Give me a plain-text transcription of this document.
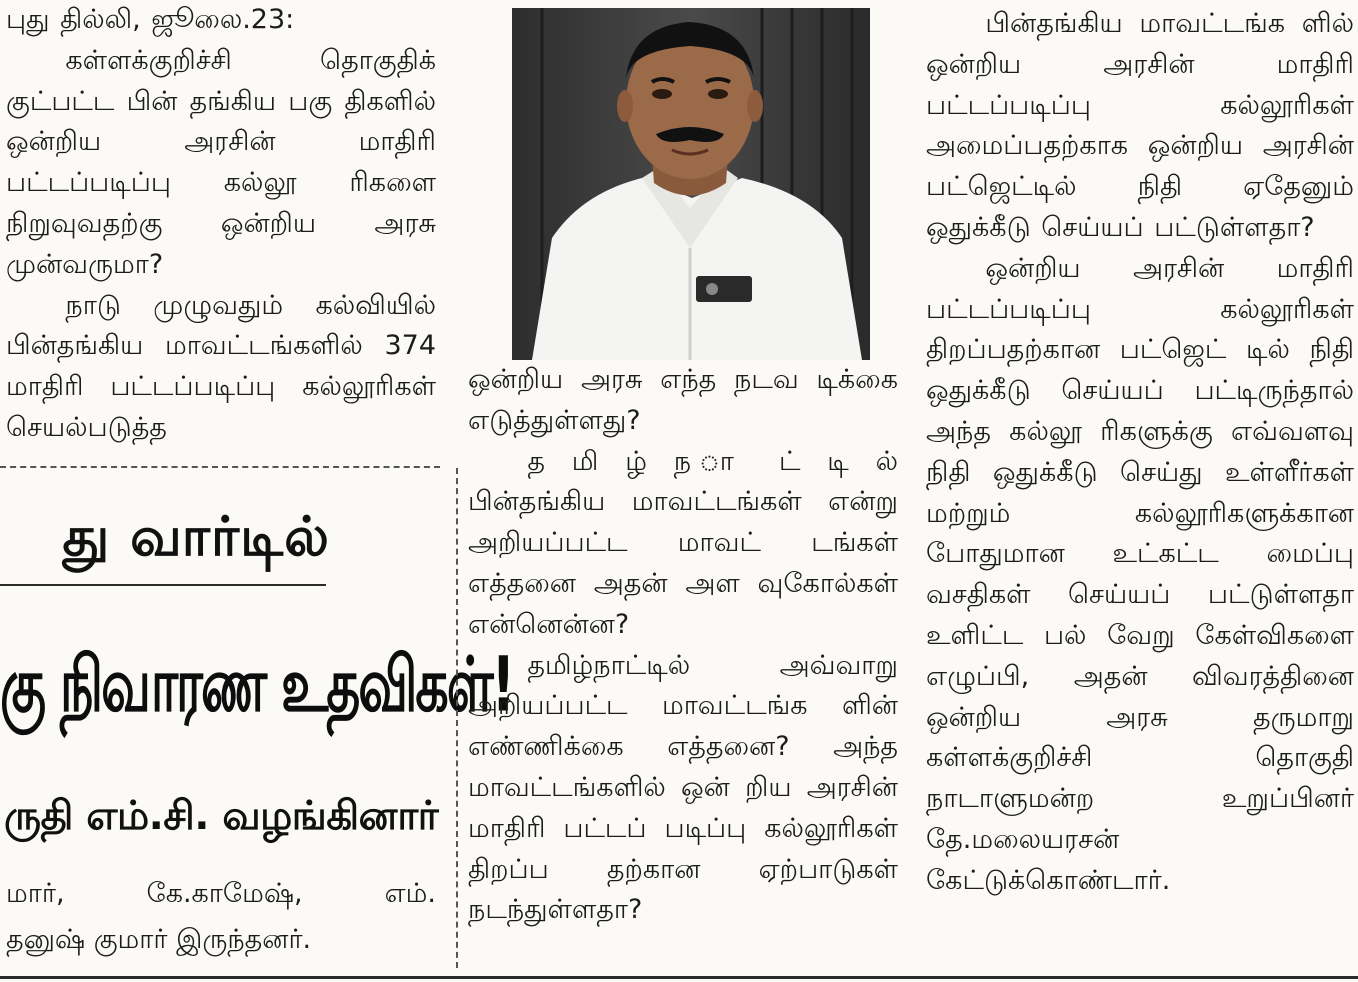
புது தில்லி, ஜூலை.23:

கள்ளக்குறிச்சி தொகுதிக் குட்பட்ட பின் தங்கிய பகு திகளில் ஒன்றிய அரசின் மாதிரி பட்டப்படிப்பு கல்லூ ரிகளை நிறுவுவதற்கு ஒன்றிய அரசு முன்வருமா?

நாடு முழுவதும் கல்வியில் பின்தங்கிய மாவட்டங்களில் 374 மாதிரி பட்டப்படிப்பு கல்லூரிகள் செயல்படுத்த

து வார்டில்
கு நிவாரண உதவிகள்!
ருதி எம்.சி. வழங்கினார்
மார், கே.காமேஷ், எம்.
தனுஷ் குமார் இருந்தனர்.

ஒன்றிய அரசு எந்த நடவ டிக்கை எடுத்துள்ளது?

த மி ழ் ந ா ட் டி ல் பின்தங்கிய மாவட்டங்கள் என்று அறியப்பட்ட மாவட் டங்கள் எத்தனை அதன் அள வுகோல்கள் என்னென்ன?

தமிழ்நாட்டில் அவ்வாறு அறியப்பட்ட மாவட்டங்க ளின் எண்ணிக்கை எத்தனை? அந்த மாவட்டங்களில் ஒன் றிய அரசின் மாதிரி பட்டப் படிப்பு கல்லூரிகள் திறப்ப தற்கான ஏற்பாடுகள் நடந்துள்ளதா?

பின்தங்கிய மாவட்டங்க ளில் ஒன்றிய அரசின் மாதிரி பட்டப்படிப்பு கல்லூரிகள் அமைப்பதற்காக ஒன்றிய அரசின் பட்ஜெட்டில் நிதி ஏதேனும் ஒதுக்கீடு செய்யப் பட்டுள்ளதா?

ஒன்றிய அரசின் மாதிரி பட்டப்படிப்பு கல்லூரிகள் திறப்பதற்கான பட்ஜெட் டில் நிதி ஒதுக்கீடு செய்யப் பட்டிருந்தால் அந்த கல்லூ ரிகளுக்கு எவ்வளவு நிதி ஒதுக்கீடு செய்து உள்ளீர்கள் மற்றும் கல்லூரிகளுக்கான போதுமான உட்கட்ட மைப்பு வசதிகள் செய்யப் பட்டுள்ளதா உளிட்ட பல் வேறு கேள்விகளை எழுப்பி, அதன் விவரத்தினை ஒன்றிய அரசு தருமாறு கள்ளக்குறிச்சி தொகுதி நாடாளுமன்ற உறுப்பினர் தே.மலையரசன் கேட்டுக்கொண்டார்.
